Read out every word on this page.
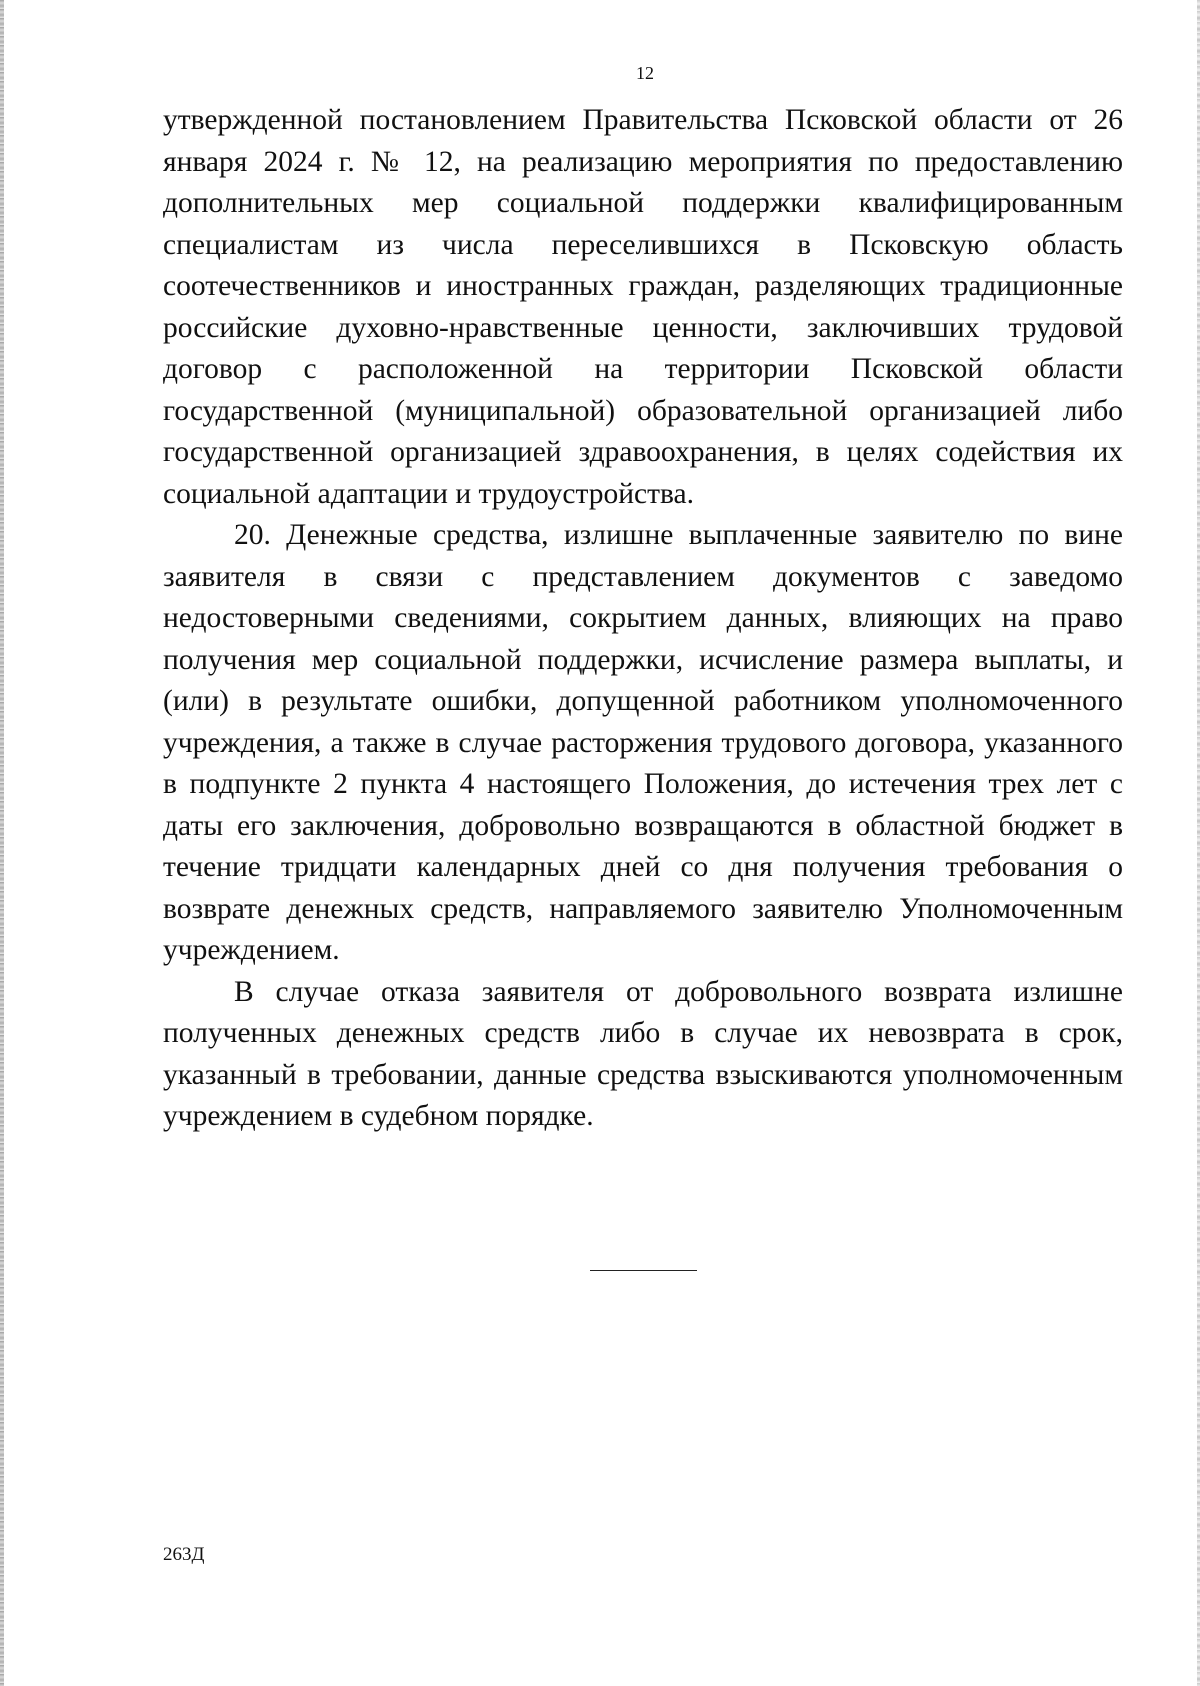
12

утвержденной постановлением Правительства Псковской области от 26 января 2024 г. № 12, на реализацию мероприятия по предоставлению дополнительных мер социальной поддержки квалифицированным специалистам из числа переселившихся в Псковскую область соотечественников и иностранных граждан, разделяющих традиционные российские духовно-нравственные ценности, заключивших трудовой договор с расположенной на территории Псковской области государственной (муниципальной) образовательной организацией либо государственной организацией здравоохранения, в целях содействия их социальной адаптации и трудоустройства.

20. Денежные средства, излишне выплаченные заявителю по вине заявителя в связи с представлением документов с заведомо недостоверными сведениями, сокрытием данных, влияющих на право получения мер социальной поддержки, исчисление размера выплаты, и (или) в результате ошибки, допущенной работником уполномоченного учреждения, а также в случае расторжения трудового договора, указанного в подпункте 2 пункта 4 настоящего Положения, до истечения трех лет с даты его заключения, добровольно возвращаются в областной бюджет в течение тридцати календарных дней со дня получения требования о возврате денежных средств, направляемого заявителю Уполномоченным учреждением.

В случае отказа заявителя от добровольного возврата излишне полученных денежных средств либо в случае их невозврата в срок, указанный в требовании, данные средства взыскиваются уполномоченным учреждением в судебном порядке.

263Д
